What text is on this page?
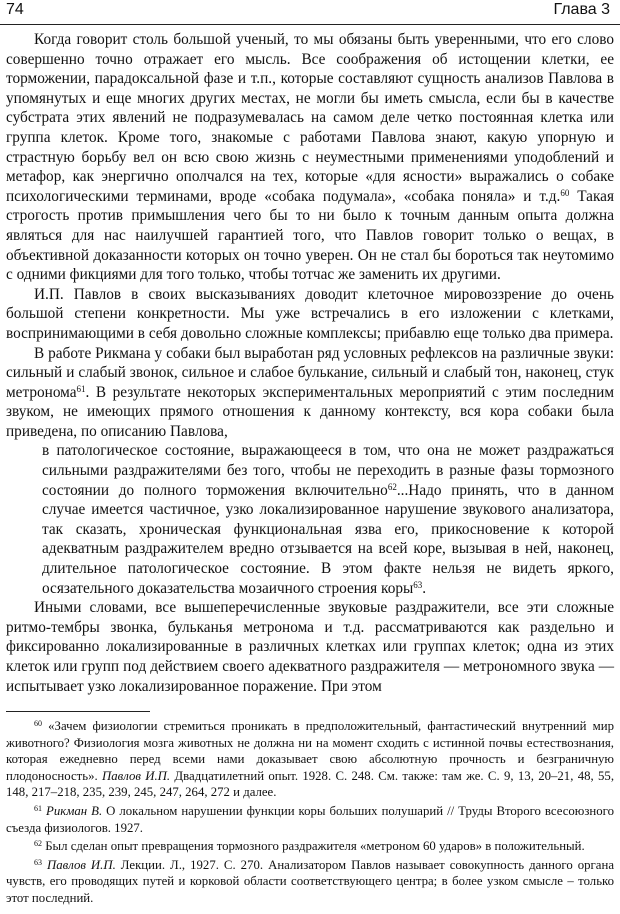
74	Глава 3

Когда говорит столь большой ученый, то мы обязаны быть уверенными, что его слово совершенно точно отражает его мысль. Все соображения об истощении клетки, ее торможении, парадоксальной фазе и т.п., которые составляют сущность анализов Павлова в упомянутых и еще многих других местах, не могли бы иметь смысла, если бы в качестве субстрата этих явлений не подразумевалась на самом деле четко постоянная клетка или группа клеток. Кроме того, знакомые с работами Павлова знают, какую упорную и страстную борьбу вел он всю свою жизнь с неуместными применениями уподоблений и метафор, как энергично ополчался на тех, которые «для ясности» выражались о собаке психологическими терминами, вроде «собака подумала», «собака поняла» и т.д.$^{60}$ Такая строгость против примышления чего бы то ни было к точным данным опыта должна являться для нас наилучшей гарантией того, что Павлов говорит только о вещах, в объективной доказанности которых он точно уверен. Он не стал бы бороться так неутомимо с одними фикциями для того только, чтобы тотчас же заменить их другими.

И.П. Павлов в своих высказываниях доводит клеточное мировоззрение до очень большой степени конкретности. Мы уже встречались в его изложении с клетками, воспринимающими в себя довольно сложные комплексы; прибавлю еще только два примера.

В работе Рикмана у собаки был выработан ряд условных рефлексов на различные звуки: сильный и слабый звонок, сильное и слабое бульканиe, сильный и слабый тон, наконец, стук метронома$^{61}$. В результате некоторых экспериментальных мероприятий с этим последним звуком, не имеющих прямого отношения к данному контексту, вся кора собаки была приведена, по описанию Павлова,

в патологическое состояние, выражающееся в том, что она не может раздражаться сильными раздражителями без того, чтобы не переходить в разные фазы тормозного состоянии до полного торможения включительно$^{62}$...Надо принять, что в данном случае имеется частичное, узко локализированное нарушение звукового анализатора, так сказать, хроническая функциональная язва его, прикосновение к которой адекватным раздражителем вредно отзывается на всей коре, вызывая в ней, наконец, длительное патологическое состояние. В этом факте нельзя не видеть яркого, осязательного доказательства мозаичного строения коры$^{63}$.

Иными словами, все вышеперечисленные звуковые раздражители, все эти сложные ритмо-тембры звонка, бульканья метронома и т.д. рассматриваются как раздельно и фиксированно локализированные в различных клетках или группах клеток; одна из этих клеток или групп под действием своего адекватного раздражителя — метрономного звука — испытывает узко локализированное поражение. При этом

$^{60}$ «Зачем физиологии стремиться проникать в предположительный, фантастический внутренний мир животного? Физиология мозга животных не должна ни на момент сходить с истинной почвы естествознания, которая ежедневно перед всеми нами доказывает свою абсолютную прочность и безграничную плодоносность». Павлов И.П. Двадцатилетний опыт. 1928. С. 248. См. также: там же. С. 9, 13, 20–21, 48, 55, 148, 217–218, 235, 239, 245, 247, 264, 272 и далее.

$^{61}$ Рикман В. О локальном нарушении функции коры больших полушарий // Труды Второго всесоюзного съезда физиологов. 1927.

$^{62}$ Был сделан опыт превращения тормозного раздражителя «метроном 60 ударов» в положительный.

$^{63}$ Павлов И.П. Лекции. Л., 1927. С. 270. Анализатором Павлов называет совокупность данного органа чувств, его проводящих путей и корковой области соответствующего центра; в более узком смысле – только этот последний.
